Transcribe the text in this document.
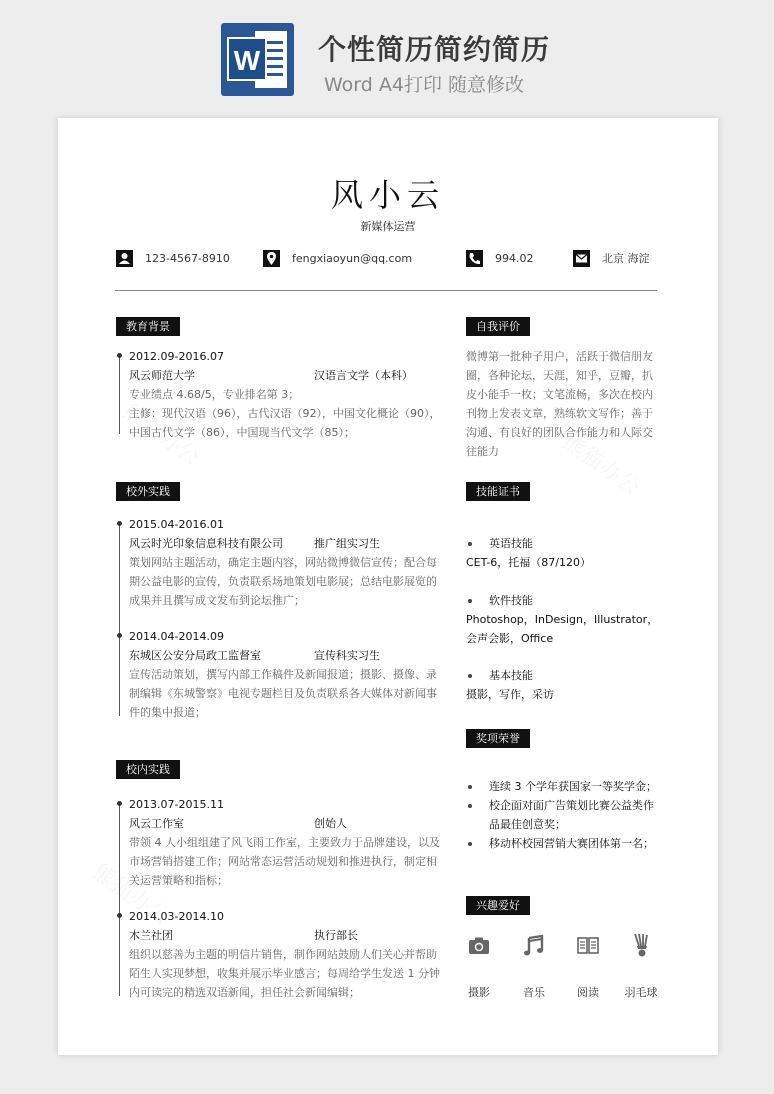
W 个性简历简约简历
Word A4打印 随意修改
风小云
新媒体运营
123-4567-8910	fengxiaoyun@qq.com	994.02	北京 海淀
教育背景
2012.09-2016.07
风云师范大学	汉语言文学（本科）
专业绩点 4.68/5，专业排名第 3；
主修：现代汉语（96），古代汉语（92），中国文化概论（90），
中国古代文学（86），中国现当代文学（85）；
校外实践
2015.04-2016.01
风云时光印象信息科技有限公司	推广组实习生
策划网站主题活动，确定主题内容，网站微博微信宣传；配合每
期公益电影的宣传，负责联系场地策划电影展；总结电影展览的
成果并且撰写成文发布到论坛推广；
2014.04-2014.09
东城区公安分局政工监督室	宣传科实习生
宣传活动策划，撰写内部工作稿件及新闻报道；摄影、摄像、录
制编辑《东城警察》电视专题栏目及负责联系各大媒体对新闻事
件的集中报道；
校内实践
2013.07-2015.11
风云工作室	创始人
带领 4 人小组组建了风飞雨工作室，主要致力于品牌建设，以及
市场营销搭建工作；网站常态运营活动规划和推进执行，制定相
关运营策略和指标；
2014.03-2014.10
木兰社团	执行部长
组织以慈善为主题的明信片销售，制作网站鼓励人们关心并帮助
陌生人实现梦想，收集并展示毕业感言；每周给学生发送 1 分钟
内可读完的精选双语新闻，担任社会新闻编辑；
自我评价
微博第一批种子用户，活跃于微信朋友
圈，各种论坛，天涯，知乎，豆瓣，扒
皮小能手一枚；文笔流畅，多次在校内
刊物上发表文章，熟练软文写作；善于
沟通、有良好的团队合作能力和人际交
往能力
技能证书
英语技能
CET-6，托福（87/120）
软件技能
Photoshop，InDesign，Illustrator，
会声会影，Office
基本技能
摄影，写作，采访
奖项荣誉
连续 3 个学年获国家一等奖学金；
校企面对面广告策划比赛公益类作
品最佳创意奖；
移动杯校园营销大赛团体第一名；
兴趣爱好
摄影	音乐	阅读	羽毛球
